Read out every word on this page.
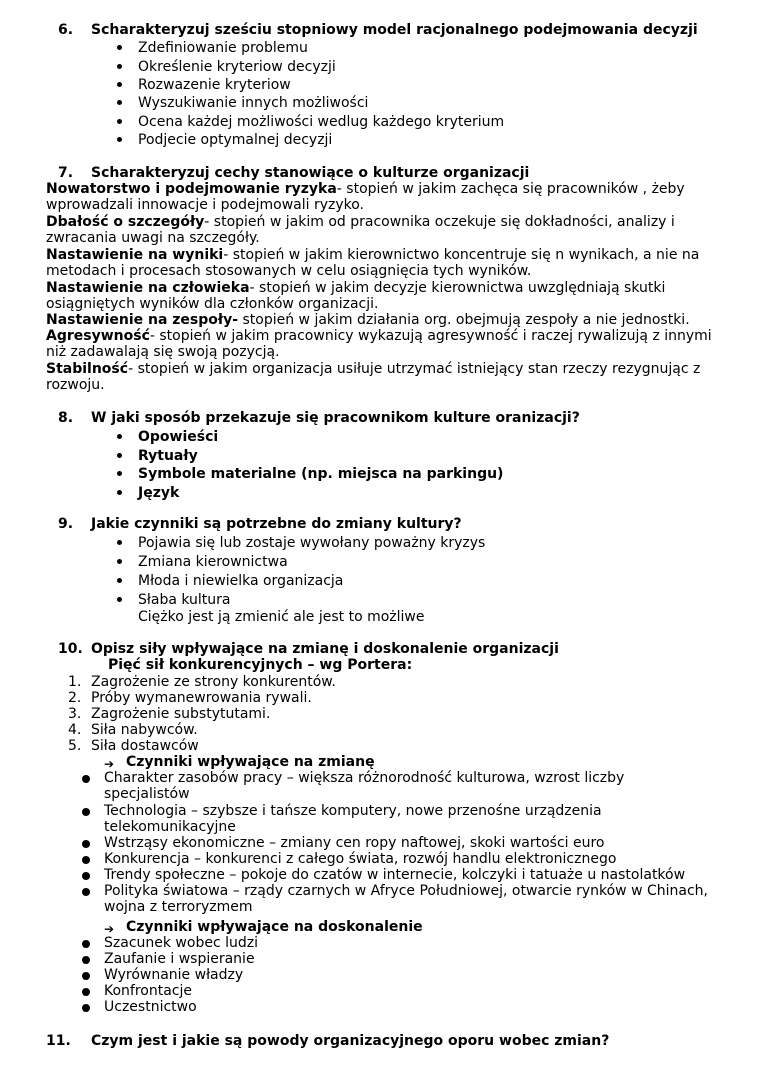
6. Scharakteryzuj sześciu stopniowy model racjonalnego podejmowania decyzji
Zdefiniowanie problemu
Określenie kryteriow decyzji
Rozwazenie kryteriow
Wyszukiwanie innych możliwości
Ocena każdej możliwości wedlug każdego kryterium
Podjecie optymalnej decyzji
7. Scharakteryzuj cechy stanowiące o kulturze organizacji
Nowatorstwo i podejmowanie ryzyka- stopień w jakim zachęca się pracowników , żeby wprowadzali innowacje i podejmowali ryzyko.
Dbałość o szczegóły- stopień w jakim od pracownika oczekuje się dokładności, analizy i zwracania uwagi na szczegóły.
Nastawienie na wyniki- stopień w jakim kierownictwo koncentruje się n wynikach, a nie na metodach i procesach stosowanych w celu osiągnięcia tych wyników.
Nastawienie na człowieka- stopień w jakim decyzje kierownictwa uwzględniają skutki osiągniętych wyników dla członków organizacji.
Nastawienie na zespoły- stopień w jakim działania org. obejmują zespoły a nie jednostki.
Agresywność- stopień w jakim pracownicy wykazują agresywność i raczej rywalizują z innymi niż zadawalają się swoją pozycją.
Stabilność- stopień w jakim organizacja usiłuje utrzymać istniejący stan rzeczy rezygnując z rozwoju.
8. W jaki sposób przekazuje się pracownikom kulture oranizacji?
Opowieści
Rytuały
Symbole materialne (np. miejsca na parkingu)
Język
9. Jakie czynniki są potrzebne do zmiany kultury?
Pojawia się lub zostaje wywołany poważny kryzys
Zmiana kierownictwa
Młoda i niewielka organizacja
Słaba kultura
Ciężko jest ją zmienić ale jest to możliwe
10. Opisz siły wpływające na zmianę i doskonalenie organizacji
Pięć sił konkurencyjnych – wg Portera:
1. Zagrożenie ze strony konkurentów.
2. Próby wymanewrowania rywali.
3. Zagrożenie substytutami.
4. Siła nabywców.
5. Siła dostawców
➔ Czynniki wpływające na zmianę
Charakter zasobów pracy – większa różnorodność kulturowa, wzrost liczby
specjalistów
Technologia – szybsze i tańsze komputery, nowe przenośne urządzenia
telekomunikacyjne
Wstrząsy ekonomiczne – zmiany cen ropy naftowej, skoki wartości euro
Konkurencja – konkurenci z całego świata, rozwój handlu elektronicznego
Trendy społeczne – pokoje do czatów w internecie, kolczyki i tatuaże u nastolatków
Polityka światowa – rządy czarnych w Afryce Południowej, otwarcie rynków w Chinach,
wojna z terroryzmem
➔ Czynniki wpływające na doskonalenie
Szacunek wobec ludzi
Zaufanie i wspieranie
Wyrównanie władzy
Konfrontacje
Uczestnictwo
11. Czym jest i jakie są powody organizacyjnego oporu wobec zmian?
